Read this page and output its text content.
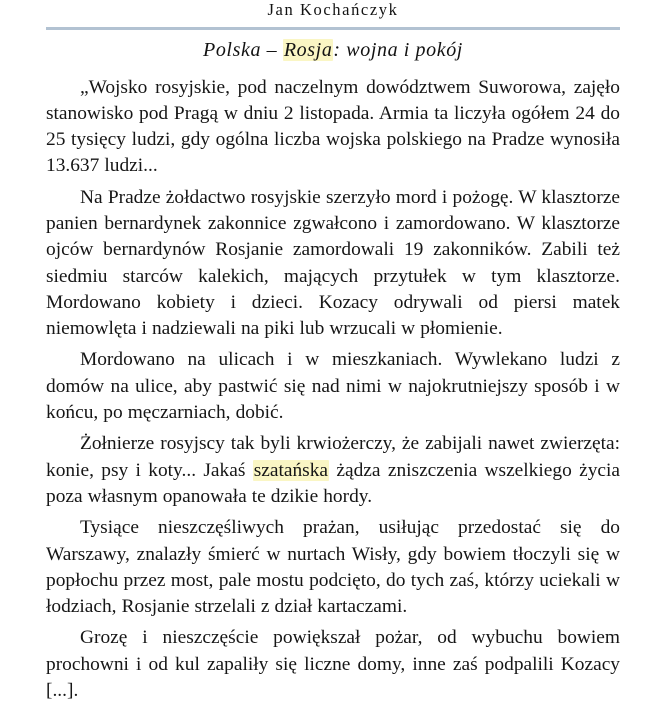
Jan Kochańczyk
Polska – Rosja: wojna i pokój

„Wojsko rosyjskie, pod naczelnym dowództwem Suworowa, zajęło stanowisko pod Pragą w dniu 2 listopada. Armia ta liczyła ogółem 24 do 25 tysięcy ludzi, gdy ogólna liczba wojska polskiego na Pradze wynosiła 13.637 ludzi...

Na Pradze żołdactwo rosyjskie szerzyło mord i pożogę. W klasztorze panien bernardynek zakonnice zgwałcono i zamordowano. W klasztorze ojców bernardynów Rosjanie zamordowali 19 zakonników. Zabili też siedmiu starców kalekich, mających przytułek w tym klasztorze. Mordowano kobiety i dzieci. Kozacy odrywali od piersi matek niemowlęta i nadziewali na piki lub wrzucali w płomienie.

Mordowano na ulicach i w mieszkaniach. Wywlekano ludzi z domów na ulice, aby pastwić się nad nimi w najokrutniejszy sposób i w końcu, po męczarniach, dobić.

Żołnierze rosyjscy tak byli krwiożerczy, że zabijali nawet zwierzęta: konie, psy i koty... Jakaś szatańska żądza zniszczenia wszelkiego życia poza własnym opanowała te dzikie hordy.

Tysiące nieszczęśliwych prażan, usiłując przedostać się do Warszawy, znalazły śmierć w nurtach Wisły, gdy bowiem tłoczyli się w popłochu przez most, pale mostu podcięto, do tych zaś, którzy uciekali w łodziach, Rosjanie strzelali z dział kartaczami.

Grozę i nieszczęście powiększał pożar, od wybuchu bowiem prochowni i od kul zapaliły się liczne domy, inne zaś podpalili Kozacy [...].
